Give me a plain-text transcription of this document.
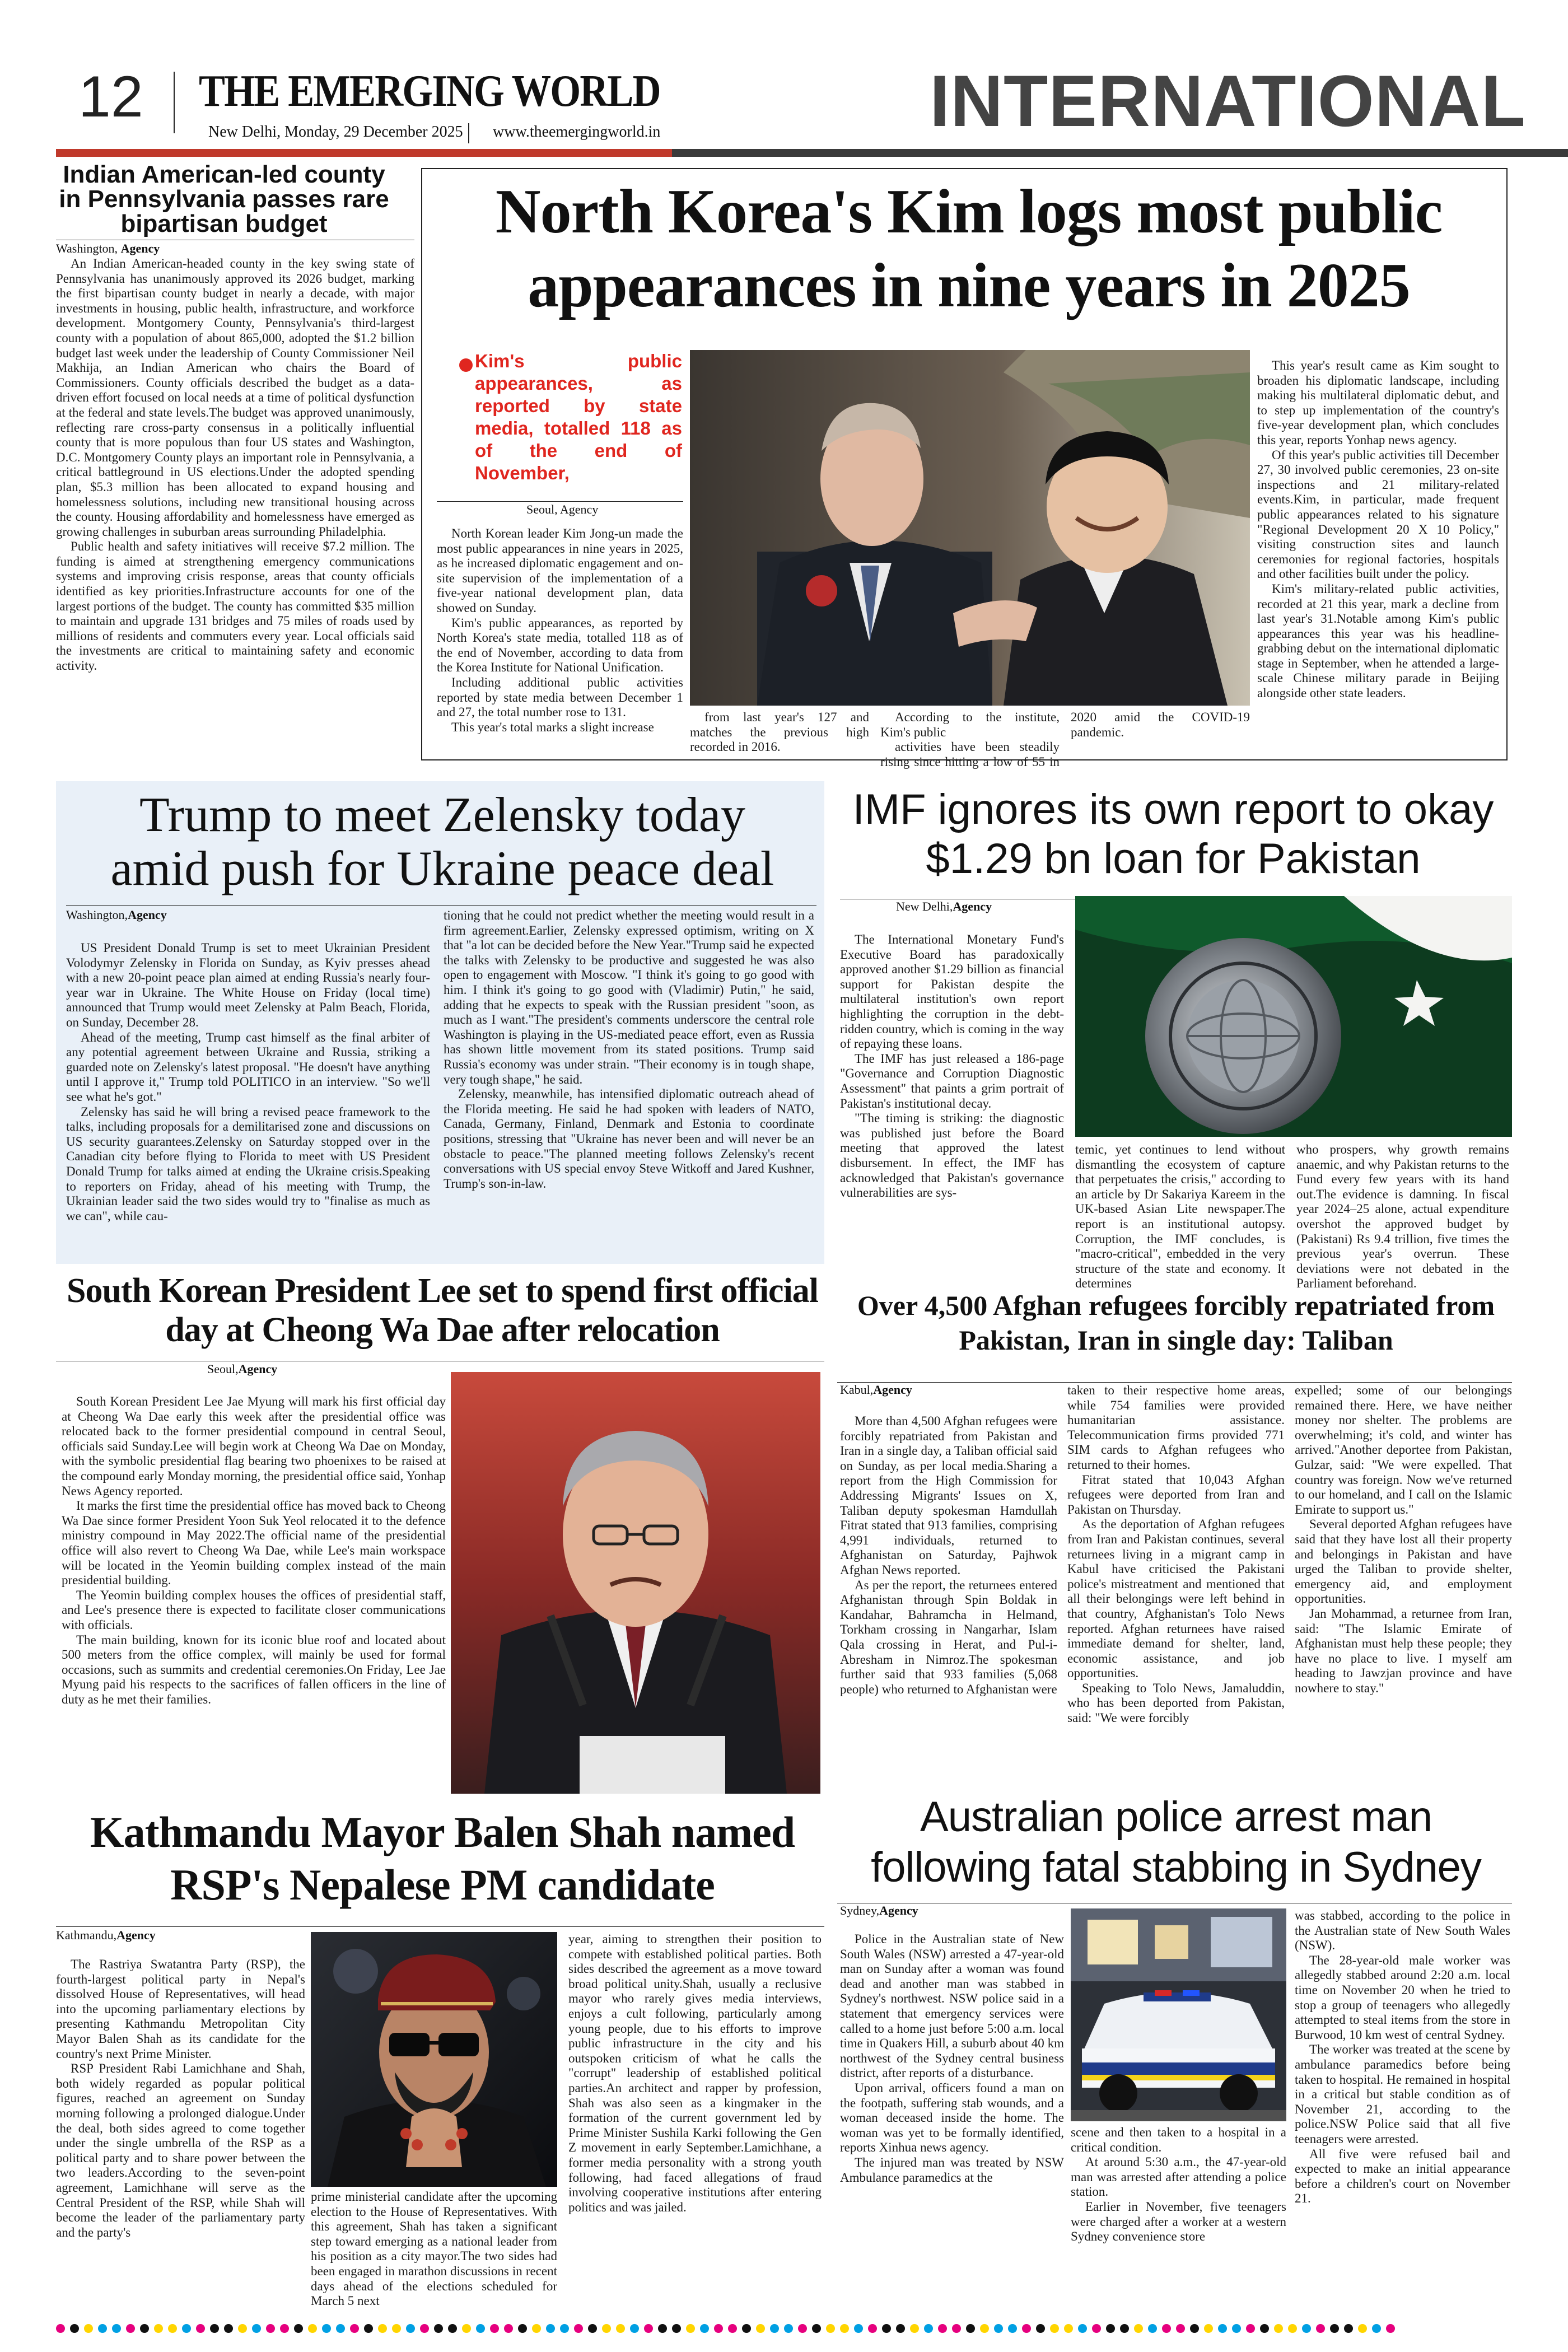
12 THE EMERGING WORLD
New Delhi, Monday, 29 December 2025 www.theemergingworld.in	INTERNATIONAL
Indian American-led county in Pennsylvania passes rare bipartisan budget
Washington, Agency

An Indian American-headed county in the key swing state of Pennsylvania has unanimously approved its 2026 budget, marking the first bipartisan county budget in nearly a decade, with major investments in housing, public health, infrastructure, and workforce development. Montgomery County, Pennsylvania's third-largest county with a population of about 865,000, adopted the $1.2 billion budget last week under the leadership of County Commissioner Neil Makhija, an Indian American who chairs the Board of Commissioners. County officials described the budget as a data-driven effort focused on local needs at a time of political dysfunction at the federal and state levels.The budget was approved unanimously, reflecting rare cross-party consensus in a politically influential county that is more populous than four US states and Washington, D.C. Montgomery County plays an important role in Pennsylvania, a critical battleground in US elections.Under the adopted spending plan, $5.3 million has been allocated to expand housing and homelessness solutions, including new transitional housing across the county. Housing affordability and homelessness have emerged as growing challenges in suburban areas surrounding Philadelphia.

Public health and safety initiatives will receive $7.2 million. The funding is aimed at strengthening emergency communications systems and improving crisis response, areas that county officials identified as key priorities.Infrastructure accounts for one of the largest portions of the budget. The county has committed $35 million to maintain and upgrade 131 bridges and 75 miles of roads used by millions of residents and commuters every year. Local officials said the investments are critical to maintaining safety and economic activity.

North Korea's Kim logs most public appearances in nine years in 2025
Kim's public appearances, as reported by state media, totalled 118 as of the end of November,
Seoul, Agency

North Korean leader Kim Jong-un made the most public appearances in nine years in 2025, as he increased diplomatic engagement and on-site supervision of the implementation of a five-year national development plan, data showed on Sunday.

Kim's public appearances, as reported by North Korea's state media, totalled 118 as of the end of November, according to data from the Korea Institute for National Unification.

Including additional public activities reported by state media between December 1 and 27, the total number rose to 131.

This year's total marks a slight increase

from last year's 127 and matches the previous high recorded in 2016.

According to the institute, Kim's public

activities have been steadily rising since hitting a low of 55 in 2020 amid the COVID-19 pandemic.

This year's result came as Kim sought to broaden his diplomatic landscape, including making his multilateral diplomatic debut, and to step up implementation of the country's five-year development plan, which concludes this year, reports Yonhap news agency.

Of this year's public activities till December 27, 30 involved public ceremonies, 23 on-site inspections and 21 military-related events.Kim, in particular, made frequent public appearances related to his signature "Regional Development 20 X 10 Policy," visiting construction sites and launch ceremonies for regional factories, hospitals and other facilities built under the policy.

Kim's military-related public activities, recorded at 21 this year, mark a decline from last year's 31.Notable among Kim's public appearances this year was his headline-grabbing debut on the international diplomatic stage in September, when he attended a large-scale Chinese military parade in Beijing alongside other state leaders.

Trump to meet Zelensky today amid push for Ukraine peace deal
Washington,Agency

US President Donald Trump is set to meet Ukrainian President Volodymyr Zelensky in Florida on Sunday, as Kyiv presses ahead with a new 20-point peace plan aimed at ending Russia's nearly four-year war in Ukraine. The White House on Friday (local time) announced that Trump would meet Zelensky at Palm Beach, Florida, on Sunday, December 28.

Ahead of the meeting, Trump cast himself as the final arbiter of any potential agreement between Ukraine and Russia, striking a guarded note on Zelensky's latest proposal. "He doesn't have anything until I approve it," Trump told POLITICO in an interview. "So we'll see what he's got."

Zelensky has said he will bring a revised peace framework to the talks, including proposals for a demilitarised zone and discussions on US security guarantees.Zelensky on Saturday stopped over in the Canadian city before flying to Florida to meet with US President Donald Trump for talks aimed at ending the Ukraine crisis.Speaking to reporters on Friday, ahead of his meeting with Trump, the Ukrainian leader said the two sides would try to "finalise as much as we can", while cau-

tioning that he could not predict whether the meeting would result in a firm agreement.Earlier, Zelensky expressed optimism, writing on X that "a lot can be decided before the New Year."Trump said he expected the talks with Zelensky to be productive and suggested he was also open to engagement with Moscow. "I think it's going to go good with him. I think it's going to go good with (Vladimir) Putin," he said, adding that he expects to speak with the Russian president "soon, as much as I want."The president's comments underscore the central role Washington is playing in the US-mediated peace effort, even as Russia has shown little movement from its stated positions. Trump said Russia's economy was under strain. "Their economy is in tough shape, very tough shape," he said.

Zelensky, meanwhile, has intensified diplomatic outreach ahead of the Florida meeting. He said he had spoken with leaders of NATO, Canada, Germany, Finland, Denmark and Estonia to coordinate positions, stressing that "Ukraine has never been and will never be an obstacle to peace."The planned meeting follows Zelensky's recent conversations with US special envoy Steve Witkoff and Jared Kushner, Trump's son-in-law.

IMF ignores its own report to okay $1.29 bn loan for Pakistan
New Delhi,Agency

The International Monetary Fund's Executive Board has paradoxically approved another $1.29 billion as financial support for Pakistan despite the multilateral institution's own report highlighting the corruption in the debt-ridden country, which is coming in the way of repaying these loans.

The IMF has just released a 186-page "Governance and Corruption Diagnostic Assessment" that paints a grim portrait of Pakistan's institutional decay.

"The timing is striking: the diagnostic was published just before the Board meeting that approved the latest disbursement. In effect, the IMF has acknowledged that Pakistan's governance vulnerabilities are sys-

temic, yet continues to lend without dismantling the ecosystem of capture that perpetuates the crisis," according to an article by Dr Sakariya Kareem in the UK-based Asian Lite newspaper.The report is an institutional autopsy. Corruption, the IMF concludes, is "macro-critical", embedded in the very structure of the state and economy. It determines

who prospers, why growth remains anaemic, and why Pakistan returns to the Fund every few years with its hand out.The evidence is damning. In fiscal year 2024–25 alone, actual expenditure overshot the approved budget by (Pakistani) Rs 9.4 trillion, five times the previous year's overrun. These deviations were not debated in the Parliament beforehand.

South Korean President Lee set to spend first official day at Cheong Wa Dae after relocation
Seoul,Agency

South Korean President Lee Jae Myung will mark his first official day at Cheong Wa Dae early this week after the presidential office was relocated back to the former presidential compound in central Seoul, officials said Sunday.Lee will begin work at Cheong Wa Dae on Monday, with the symbolic presidential flag bearing two phoenixes to be raised at the compound early Monday morning, the presidential office said, Yonhap News Agency reported.

It marks the first time the presidential office has moved back to Cheong Wa Dae since former President Yoon Suk Yeol relocated it to the defence ministry compound in May 2022.The official name of the presidential office will also revert to Cheong Wa Dae, while Lee's main workspace will be located in the Yeomin building complex instead of the main presidential building.

The Yeomin building complex houses the offices of presidential staff, and Lee's presence there is expected to facilitate closer communications with officials.

The main building, known for its iconic blue roof and located about 500 meters from the office complex, will mainly be used for formal occasions, such as summits and credential ceremonies.On Friday, Lee Jae Myung paid his respects to the sacrifices of fallen officers in the line of duty as he met their families.

Over 4,500 Afghan refugees forcibly repatriated from Pakistan, Iran in single day: Taliban
Kabul,Agency

More than 4,500 Afghan refugees were forcibly repatriated from Pakistan and Iran in a single day, a Taliban official said on Sunday, as per local media.Sharing a report from the High Commission for Addressing Migrants' Issues on X, Taliban deputy spokesman Hamdullah Fitrat stated that 913 families, comprising 4,991 individuals, returned to Afghanistan on Saturday, Pajhwok Afghan News reported.

As per the report, the returnees entered Afghanistan through Spin Boldak in Kandahar, Bahramcha in Helmand, Torkham crossing in Nangarhar, Islam Qala crossing in Herat, and Pul-i-Abresham in Nimroz.The spokesman further said that 933 families (5,068 people) who returned to Afghanistan were

taken to their respective home areas, while 754 families were provided humanitarian assistance. Telecommunication firms provided 771 SIM cards to Afghan refugees who returned to their homes.

Fitrat stated that 10,043 Afghan refugees were deported from Iran and Pakistan on Thursday.

As the deportation of Afghan refugees from Iran and Pakistan continues, several returnees living in a migrant camp in Kabul have criticised the Pakistani police's mistreatment and mentioned that all their belongings were left behind in that country, Afghanistan's Tolo News reported. Afghan returnees have raised immediate demand for shelter, land, economic assistance, and job opportunities.

Speaking to Tolo News, Jamaluddin, who has been deported from Pakistan, said: "We were forcibly

expelled; some of our belongings remained there. Here, we have neither money nor shelter. The problems are overwhelming; it's cold, and winter has arrived."Another deportee from Pakistan, Gulzar, said: "We were expelled. That country was foreign. Now we've returned to our homeland, and I call on the Islamic Emirate to support us."

Several deported Afghan refugees have said that they have lost all their property and belongings in Pakistan and have urged the Taliban to provide shelter, emergency aid, and employment opportunities.

Jan Mohammad, a returnee from Iran, said: "The Islamic Emirate of Afghanistan must help these people; they have no place to live. I myself am heading to Jawzjan province and have nowhere to stay."

Kathmandu Mayor Balen Shah named RSP's Nepalese PM candidate
Kathmandu,Agency

The Rastriya Swatantra Party (RSP), the fourth-largest political party in Nepal's dissolved House of Representatives, will head into the upcoming parliamentary elections by presenting Kathmandu Metropolitan City Mayor Balen Shah as its candidate for the country's next Prime Minister.

RSP President Rabi Lamichhane and Shah, both widely regarded as popular political figures, reached an agreement on Sunday morning following a prolonged dialogue.Under the deal, both sides agreed to come together under the single umbrella of the RSP as a political party and to share power between the two leaders.According to the seven-point agreement, Lamichhane will serve as the Central President of the RSP, while Shah will become the leader of the parliamentary party and the party's

prime ministerial candidate after the upcoming election to the House of Representatives. With this agreement, Shah has taken a significant step toward emerging as a national leader from his position as a city mayor.The two sides had been engaged in marathon discussions in recent days ahead of the elections scheduled for March 5 next

year, aiming to strengthen their position to compete with established political parties. Both sides described the agreement as a move toward broad political unity.Shah, usually a reclusive mayor who rarely gives media interviews, enjoys a cult following, particularly among young people, due to his efforts to improve public infrastructure in the city and his outspoken criticism of what he calls the "corrupt" leadership of established political parties.An architect and rapper by profession, Shah was also seen as a kingmaker in the formation of the current government led by Prime Minister Sushila Karki following the Gen Z movement in early September.Lamichhane, a former media personality with a strong youth following, had faced allegations of fraud involving cooperative institutions after entering politics and was jailed.

Australian police arrest man following fatal stabbing in Sydney
Sydney,Agency

Police in the Australian state of New South Wales (NSW) arrested a 47-year-old man on Sunday after a woman was found dead and another man was stabbed in Sydney's northwest. NSW police said in a statement that emergency services were called to a home just before 5:00 a.m. local time in Quakers Hill, a suburb about 40 km northwest of the Sydney central business district, after reports of a disturbance.

Upon arrival, officers found a man on the footpath, suffering stab wounds, and a woman deceased inside the home. The woman was yet to be formally identified, reports Xinhua news agency.

The injured man was treated by NSW Ambulance paramedics at the

scene and then taken to a hospital in a critical condition.

At around 5:30 a.m., the 47-year-old man was arrested after attending a police station.

Earlier in November, five teenagers were charged after a worker at a western Sydney convenience store

was stabbed, according to the police in the Australian state of New South Wales (NSW).

The 28-year-old male worker was allegedly stabbed around 2:20 a.m. local time on November 20 when he tried to stop a group of teenagers who allegedly attempted to steal items from the store in Burwood, 10 km west of central Sydney.

The worker was treated at the scene by ambulance paramedics before being taken to hospital. He remained in hospital in a critical but stable condition as of November 21, according to the police.NSW Police said that all five teenagers were arrested.

All five were refused bail and expected to make an initial appearance before a children's court on November 21.
